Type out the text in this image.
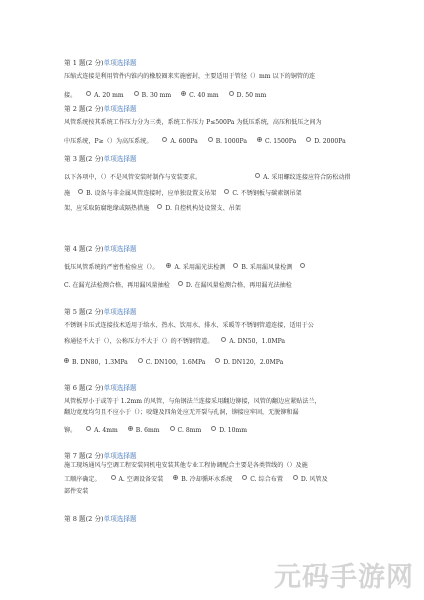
第 1 题(2 分)单项选择题
压缩式连接是利用管件内锥内的橡胶圈来实施密封，主要适用于管径（）mm 以下的铜管的连
接。	A. 20 mm	B. 30 mm	C. 40 mm	D. 50 mm
第 2 题(2 分)单项选择题
风管系统按其系统工作压力分为三类，系统工作压力 P≤500Pa 为低压系统，高压和低压之间为
中压系统，P≥（）为高压系统。	A. 600Pa	B. 1000Pa	C. 1500Pa	D. 2000Pa
第 3 题(2 分)单项选择题
以下各项中，（）不是风管安装时制作与安装要求。	A. 采用螺纹连接应符合防松动措
施	B. 设备与非金属风管连接时，应单独设置支吊架	C. 不锈钢板与碳素钢吊架
架，应采取防腐绝缘或隔热措施	D. 自控机构处设置支、吊架
第 4 题(2 分)单项选择题
低压风管系统的严密性检验应（）。	A. 采用漏光法检测	B. 采用漏风量检测
C. 在漏光法检测合格，再用漏风量抽检	D. 在漏风量检测合格，再用漏光法抽检
第 5 题(2 分)单项选择题
不锈钢卡压式连接技术适用于给水、热水、饮用水、排水、采暖等不锈钢管道连接，适用于公
称通径不大于（），公称压力不大于（）的不锈钢管道。	A. DN50，1.0MPa
B. DN80，1.3MPa	C. DN100，1.6MPa	D. DN120，2.0MPa
第 6 题(2 分)单项选择题
风管板厚小于或等于 1.2mm 的风管，与角钢法兰连接采用翻边铆接，风管的翻边应紧贴法兰，
翻边宽度均匀且不应小于（）；咬缝及四角处应无开裂与孔洞，铆接应牢固，无脱铆和漏
铆。	A. 4mm	B. 6mm	C. 8mm	D. 10mm
第 7 题(2 分)单项选择题
施工现场通风与空调工程安装同机电安装其他专业工程协调配合主要是各类管线的（）及施
工顺序确定。	A. 空调设备安装	B. 冷却循环水系统	C. 综合布置	D. 风管及
部件安装
第 8 题(2 分)单项选择题
元码手游网
